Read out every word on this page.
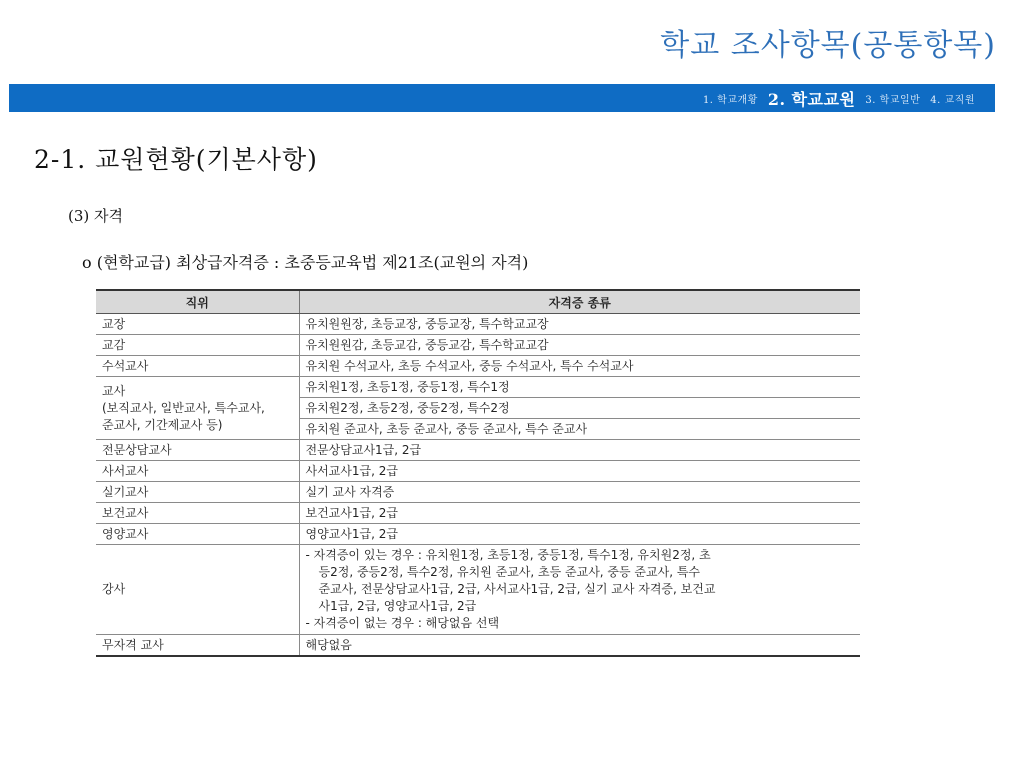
학교 조사항목(공통항목)
1. 학교개황 2. 학교교원 3. 학교일반 4. 교직원
2-1. 교원현황(기본사항)
(3) 자격
o (현학교급) 최상급자격증 : 초중등교육법 제21조(교원의 자격)
직위	자격증 종류
교장	유치원원장, 초등교장, 중등교장, 특수학교교장
교감	유치원원감, 초등교감, 중등교감, 특수학교교감
수석교사	유치원 수석교사, 초등 수석교사, 중등 수석교사, 특수 수석교사

교사
(보직교사, 일반교사, 특수교사,
준교사, 기간제교사 등)	유치원1정, 초등1정, 중등1정, 특수1정
	유치원2정, 초등2정, 중등2정, 특수2정
	유치원 준교사, 초등 준교사, 중등 준교사, 특수 준교사
전문상담교사	전문상담교사1급, 2급
사서교사	사서교사1급, 2급
실기교사	실기 교사 자격증
보건교사	보건교사1급, 2급
영양교사	영양교사1급, 2급
강사	- 자격증이 있는 경우 : 유치원1정, 초등1정, 중등1정, 특수1정, 유치원2정, 초
등2정, 중등2정, 특수2정, 유치원 준교사, 초등 준교사, 중등 준교사, 특수
준교사, 전문상담교사1급, 2급, 사서교사1급, 2급, 실기 교사 자격증, 보건교
사1급, 2급, 영양교사1급, 2급
- 자격증이 없는 경우 : 해당없음 선택

무자격 교사	해당없음
